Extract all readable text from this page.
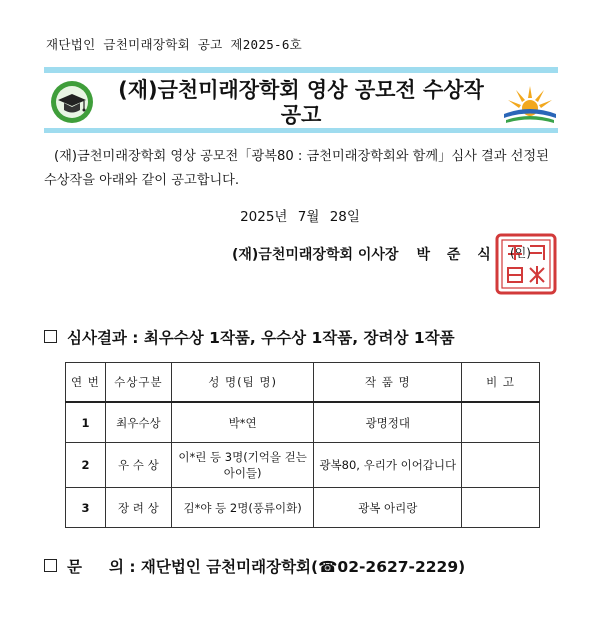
재단법인 금천미래장학회 공고 제2025-6호
(재)금천미래장학회 영상 공모전 수상작
공고
(재)금천미래장학회 영상 공모전「광복80 : 금천미래장학회와 함께」심사 결과 선정된 수상작을 아래와 같이 공고합니다.
2025년 7월 28일
(재)금천미래장학회 이사장 박 준 식 (인)
심사결과 : 최우수상 1작품, 우수상 1작품, 장려상 1작품
연 번	수상구분	성 명(팀 명)	작 품 명	비 고
1	최우수상	박*연	광명정대	
2	우 수 상	이*린 등 3명(기억을 걷는 아이들)	광복80, 우리가 이어갑니다	
3	장 려 상	김*야 등 2명(풍류이화)	광복 아리랑	
문     의 : 재단법인 금천미래장학회(☎02-2627-2229)
